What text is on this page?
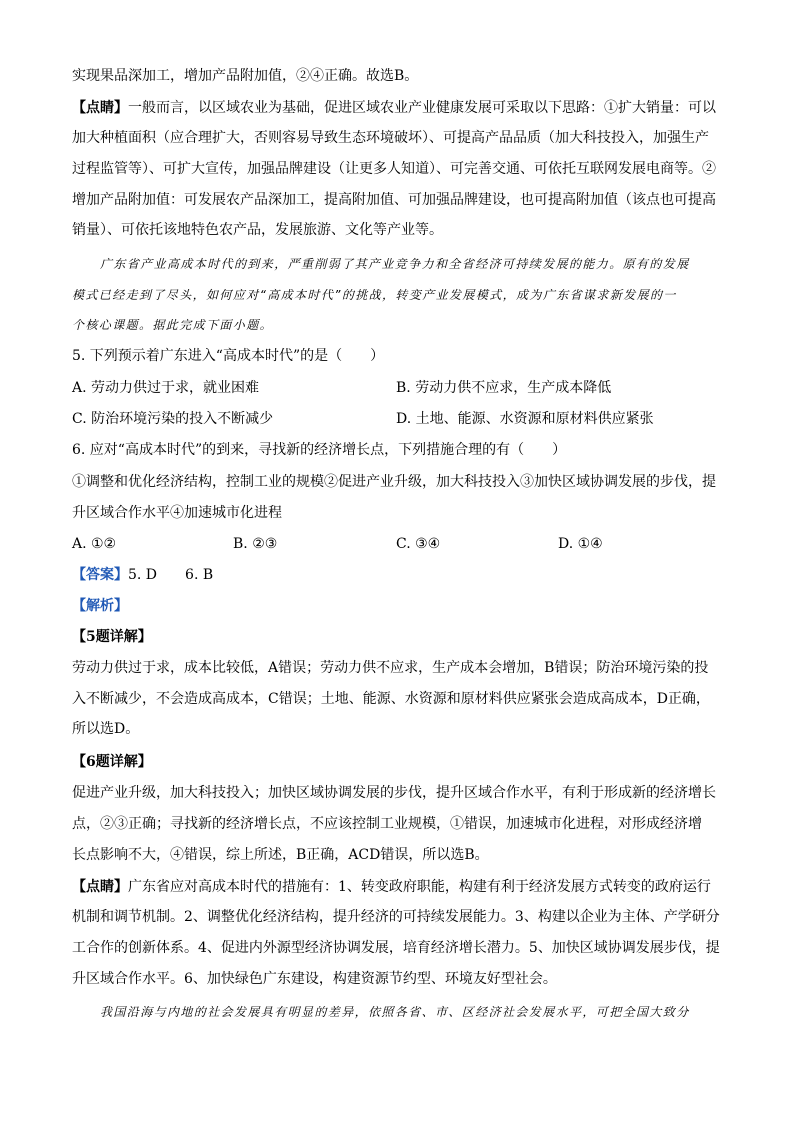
实现果品深加工，增加产品附加值，②④正确。故选B。
【点睛】一般而言，以区域农业为基础，促进区域农业产业健康发展可采取以下思路：①扩大销量：可以
加大种植面积（应合理扩大，否则容易导致生态环境破坏）、可提高产品品质（加大科技投入，加强生产
过程监管等）、可扩大宣传，加强品牌建设（让更多人知道）、可完善交通、可依托互联网发展电商等。②
增加产品附加值：可发展农产品深加工，提高附加值、可加强品牌建设，也可提高附加值（该点也可提高
销量）、可依托该地特色农产品，发展旅游、文化等产业等。
广东省产业高成本时代的到来，严重削弱了其产业竞争力和全省经济可持续发展的能力。原有的发展
模式已经走到了尽头，如何应对“高成本时代”的挑战，转变产业发展模式，成为广东省谋求新发展的一
个核心课题。据此完成下面小题。
5. 下列预示着广东进入“高成本时代”的是（　　）
A. 劳动力供过于求，就业困难	B. 劳动力供不应求，生产成本降低
C. 防治环境污染的投入不断减少	D. 土地、能源、水资源和原材料供应紧张
6. 应对“高成本时代”的到来，寻找新的经济增长点，下列措施合理的有（　　）
①调整和优化经济结构，控制工业的规模②促进产业升级，加大科技投入③加快区域协调发展的步伐，提
升区域合作水平④加速城市化进程
A. ①②	B. ②③	C. ③④	D. ①④
【答案】5. D　　6. B
【解析】
【5题详解】
劳动力供过于求，成本比较低，A错误；劳动力供不应求，生产成本会增加，B错误；防治环境污染的投
入不断减少，不会造成高成本，C错误；土地、能源、水资源和原材料供应紧张会造成高成本，D正确，
所以选D。
【6题详解】
促进产业升级，加大科技投入；加快区域协调发展的步伐，提升区域合作水平，有利于形成新的经济增长
点，②③正确；寻找新的经济增长点，不应该控制工业规模，①错误，加速城市化进程，对形成经济增
长点影响不大，④错误，综上所述，B正确，ACD错误，所以选B。
【点睛】广东省应对高成本时代的措施有：1、转变政府职能，构建有利于经济发展方式转变的政府运行
机制和调节机制。2、调整优化经济结构，提升经济的可持续发展能力。3、构建以企业为主体、产学研分
工合作的创新体系。4、促进内外源型经济协调发展，培育经济增长潜力。5、加快区域协调发展步伐，提
升区域合作水平。6、加快绿色广东建设，构建资源节约型、环境友好型社会。
我国沿海与内地的社会发展具有明显的差异，依照各省、市、区经济社会发展水平，可把全国大致分
